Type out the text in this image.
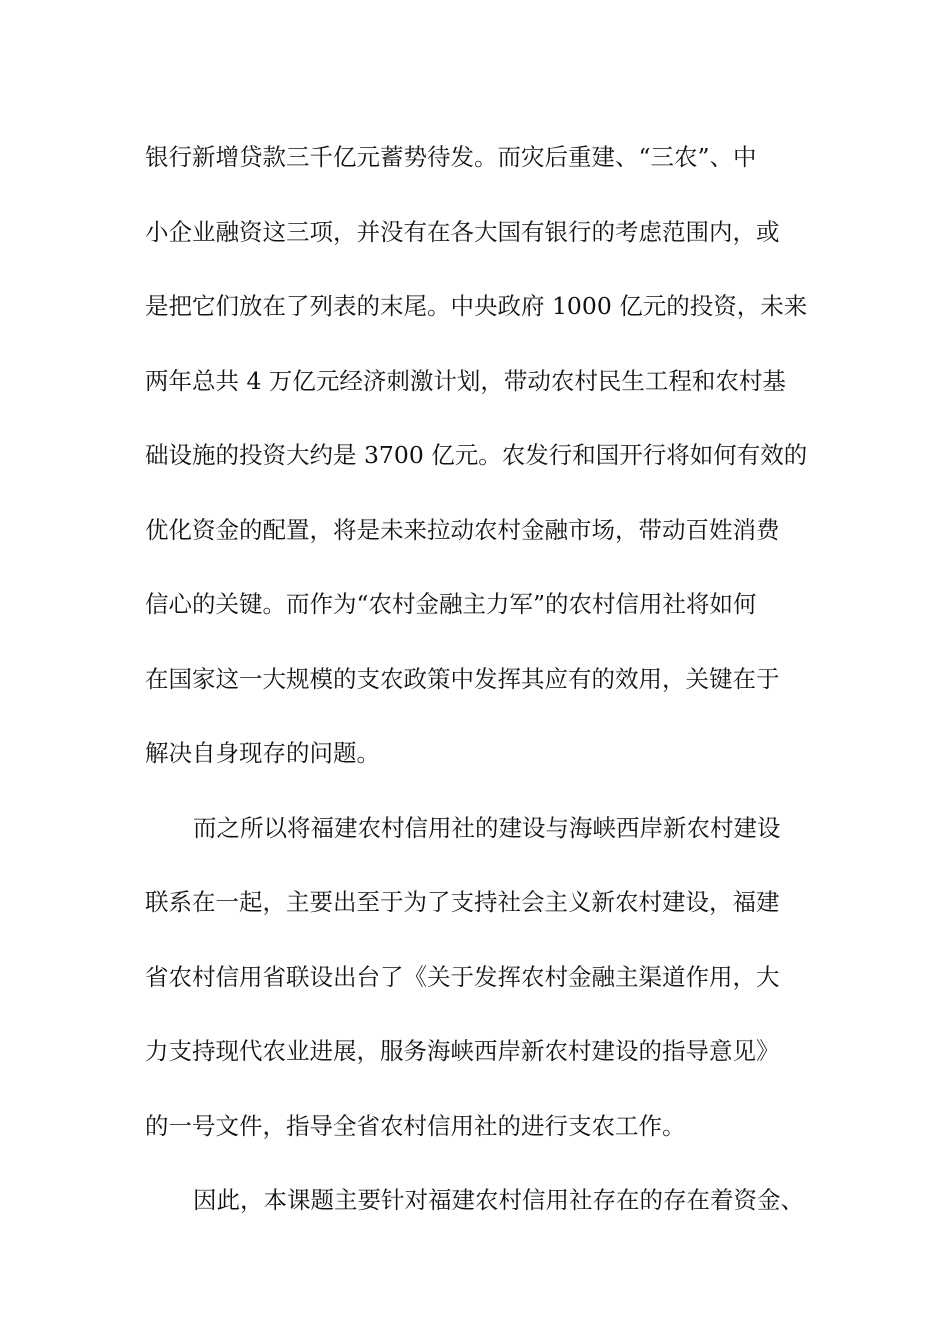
银行新增贷款三千亿元蓄势待发。而灾后重建、“三农”、中
小企业融资这三项，并没有在各大国有银行的考虑范围内，或
是把它们放在了列表的末尾。中央政府 1000 亿元的投资，未来
两年总共 4 万亿元经济刺激计划，带动农村民生工程和农村基
础设施的投资大约是 3700 亿元。农发行和国开行将如何有效的
优化资金的配置，将是未来拉动农村金融市场，带动百姓消费
信心的关键。而作为“农村金融主力军”的农村信用社将如何
在国家这一大规模的支农政策中发挥其应有的效用，关键在于
解决自身现存的问题。
而之所以将福建农村信用社的建设与海峡西岸新农村建设
联系在一起，主要出至于为了支持社会主义新农村建设，福建
省农村信用省联设出台了《关于发挥农村金融主渠道作用，大
力支持现代农业进展，服务海峡西岸新农村建设的指导意见》
的一号文件，指导全省农村信用社的进行支农工作。
因此，本课题主要针对福建农村信用社存在的存在着资金、
